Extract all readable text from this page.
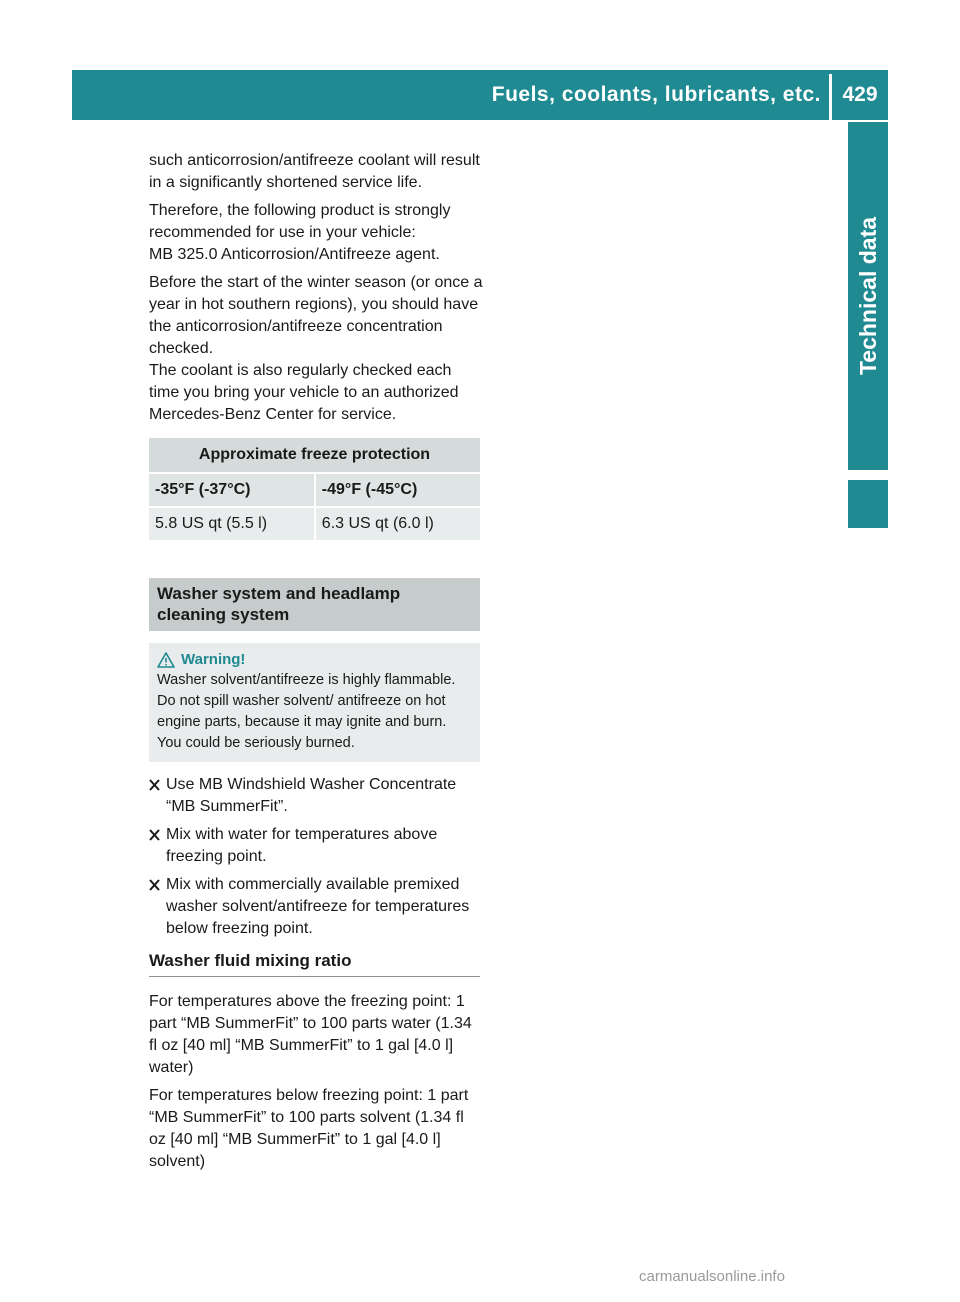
Fuels, coolants, lubricants, etc.	429
Technical data

such anticorrosion/antifreeze coolant will result in a significantly shortened service life.

Therefore, the following product is strongly recommended for use in your vehicle:

MB 325.0 Anticorrosion/Antifreeze agent.

Before the start of the winter season (or once a year in hot southern regions), you should have the anticorrosion/antifreeze concentration checked.

The coolant is also regularly checked each time you bring your vehicle to an authorized Mercedes-Benz Center for service.

Approximate freeze protection	
-35°F (-37°C)	-49°F (-45°C)
5.8 US qt (5.5 l)	6.3 US qt (6.0 l)
Washer system and headlamp cleaning system
Warning!
Washer solvent/antifreeze is highly flammable. Do not spill washer solvent/ antifreeze on hot engine parts, because it may ignite and burn. You could be seriously burned.
Use MB Windshield Washer Concentrate “MB SummerFit”.
Mix with water for temperatures above freezing point.
Mix with commercially available premixed washer solvent/antifreeze for temperatures below freezing point.
Washer fluid mixing ratio

For temperatures above the freezing point: 1 part “MB SummerFit” to 100 parts water (1.34 fl oz [40 ml] “MB SummerFit” to 1 gal [4.0 l] water)

For temperatures below freezing point: 1 part “MB SummerFit” to 100 parts solvent (1.34 fl oz [40 ml] “MB SummerFit” to 1 gal [4.0 l] solvent)

carmanualsonline.info
